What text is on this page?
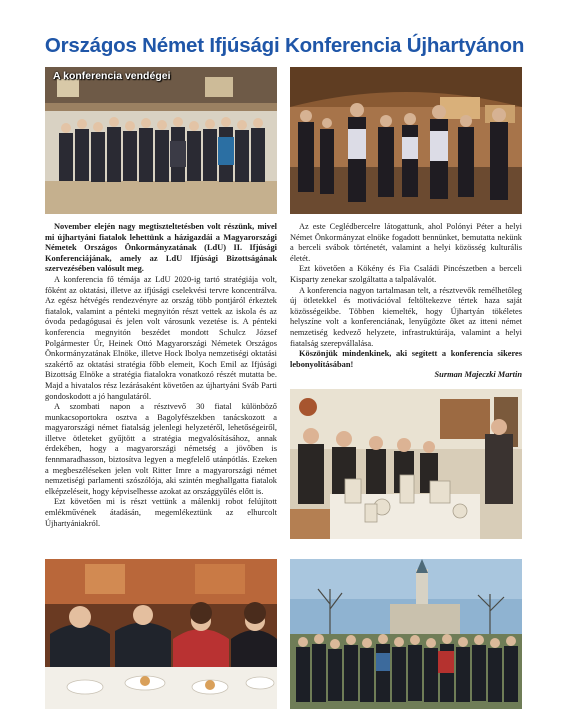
Országos Német Ifjúsági Konferencia Újhartyánon
A konferencia vendégei

November elején nagy megtiszteltetésben volt részünk, mivel mi újhartyáni fiatalok lehettünk a házigazdái a Magyarországi Németek Országos Önkormányzatának (LdU) II. Ifjúsági Konferenciájának, amely az LdU Ifjúsági Bizottságának szervezésében valósult meg.

A konferencia fő témája az LdU 2020-ig tartó stratégiája volt, főként az oktatási, illetve az ifjúsági cselekvési tervre koncentrálva. Az egész hétvégés rendezvényre az ország több pontjáról érkeztek fiatalok, valamint a pénteki megnyitón részt vettek az iskola és az óvoda pedagógusai és jelen volt városunk vezetése is. A pénteki konferencia megnyitón beszédet mondott Schulcz József Polgármester Úr, Heinek Ottó Magyarországi Németek Országos Önkormányzatának Elnöke, illetve Hock Ibolya nemzetiségi oktatási szakértő az oktatási stratégia főbb elemeit, Koch Emil az Ifjúsági Bizottság Elnöke a stratégia fiatalokra vonatkozó részét mutatta be. Majd a hivatalos rész lezárásaként követően az újhartyáni Sváb Parti gondoskodott a jó hangulatáról.

A szombati napon a résztvevő 30 fiatal különböző munkacsoportokra osztva a Bagolyfészekben tanácskozott a magyarországi német fiatalság jelenlegi helyzetéről, lehetőségeiről, illetve ötleteket gyűjtött a stratégia megvalósításához, annak érdekében, hogy a magyarországi németség a jövőben is fennmaradhasson, biztosítva legyen a megfelelő utánpótlás. Ezeken a megbeszéléseken jelen volt Ritter Imre a magyarországi német nemzetiségi parlamenti szószólója, aki szintén meghallgatta fiatalok elképzeléseit, hogy képviselhesse azokat az országgyűlés előtt is.

Ezt követően mi is részt vettünk a málenkij robot felújított emlékművének átadásán, megemlékeztünk az elhurcolt Újhartyániakról.

Az este Ceglédbercelre látogattunk, ahol Polónyi Péter a helyi Német Önkormányzat elnöke fogadott bennünket, bemutatta nekünk a berceli svábok történetét, valamint a helyi közösség kulturális életét.

Ezt követően a Kökény és Fia Családi Pincészetben a berceli Kisparty zenekar szolgáltatta a talpalávalót.

A konferencia nagyon tartalmasan telt, a résztvevők remélhetőleg új ötletekkel és motivációval feltöltekezve tértek haza saját közösségeikbe. Többen kiemelték, hogy Újhartyán tökéletes helyszíne volt a konferenciának, lenyűgözte őket az itteni német nemzetiség kedvező helyzete, infrastruktúrája, valamint a helyi fiatalság szerepvállalása.

Köszönjük mindenkinek, aki segített a konferencia sikeres lebonyolításában!

Surman Majeczki Martin
